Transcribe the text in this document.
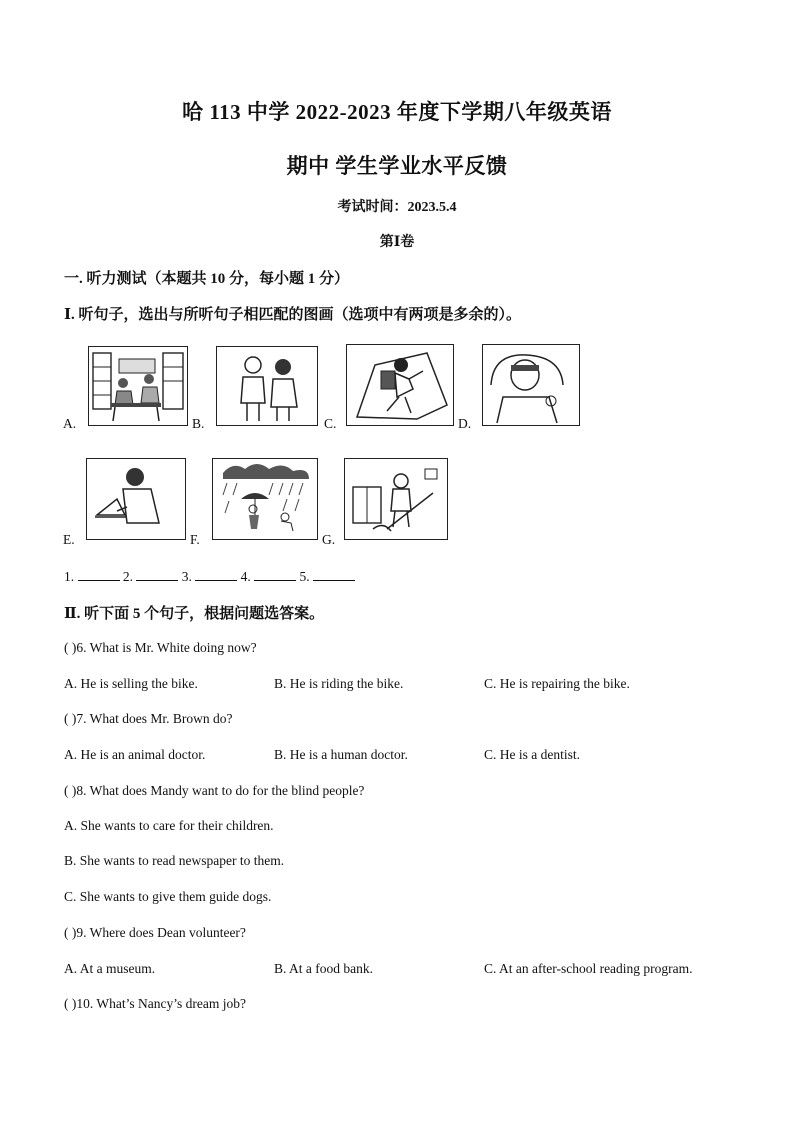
哈 113 中学 2022-2023 年度下学期八年级英语
期中 学生学业水平反馈
考试时间：2023.5.4
第Ⅰ卷
一. 听力测试（本题共 10 分，每小题 1 分）
Ⅰ. 听句子，选出与所听句子相匹配的图画（选项中有两项是多余的）。
A.	B.	C.	D.
E.	F.	G.
1.	2.	3.	4.	5.
Ⅱ. 听下面 5 个句子，根据问题选答案。
( )6. What is Mr. White doing now?
A. He is selling the bike.	B. He is riding the bike.	C. He is repairing the bike.
( )7. What does Mr. Brown do?
A. He is an animal doctor.	B. He is a human doctor.	C. He is a dentist.
( )8. What does Mandy want to do for the blind people?
A. She wants to care for their children.
B. She wants to read newspaper to them.
C. She wants to give them guide dogs.
( )9. Where does Dean volunteer?
A. At a museum.	B. At a food bank.	C. At an after-school reading program.
( )10. What’s Nancy’s dream job?
